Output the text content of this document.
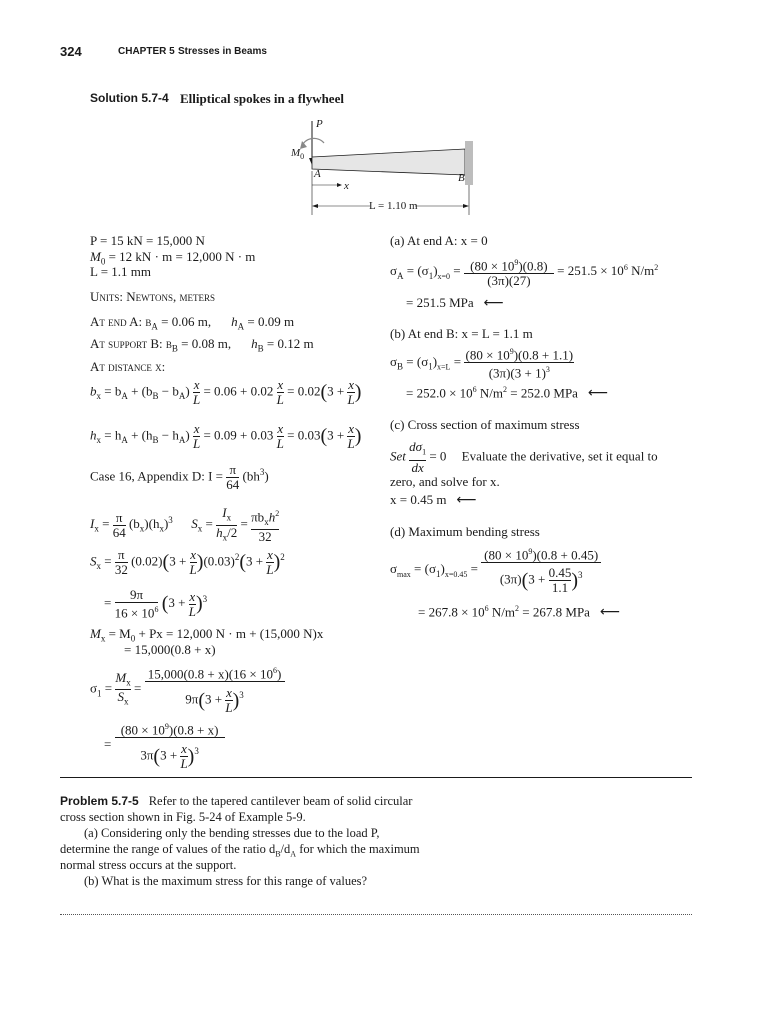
324	CHAPTER 5 Stresses in Beams
Solution 5.7-4 Elliptical spokes in a flywheel
P
$M_0$
A	B
x
L = 1.10 m
P = 15 kN = 15,000 N
$M_0 = 12$ kN · m = 12,000 N · m
L = 1.1 mm
Units: Newtons, meters
At end A: $b_A = 0.06$ m, $h_A = 0.09$ m
At support B: $b_B = 0.08$ m, $h_B = 0.12$ m
At distance x:
$b_x = b_A + (b_B - b_A) \frac{x}{L} = 0.06 + 0.02 \frac{x}{L} = 0.02(3 + \frac{x}{L}$ )
$h_x = h_A + (h_B - h_A) \frac{x}{L} = 0.09 + 0.03 \frac{x}{L} = 0.03(3 + \frac{x}{L}$ )
Case 16, Appendix D: $I = \frac{\pi}{64} (bh^3)$
$I_x = \frac{\pi}{64} (b_x)(h_x)^3$ $S_x = \frac{I_x}{h_x/2} = \frac{\pi b_xh^2}{32}$
$S_x = \frac{\pi}{32} (0.02)(3 + \frac{x}{L} )(0.03)^2(3 + \frac{x}{L} )^2$
= $\frac{9\pi}{16 \times 10^6} (3 + \frac{x}{L} )^3$
$M_x = M_0 + Px = 12,000$ N · m + (15,000 N)x
= 15,000(0.8 + x)
$\sigma_1 = \frac{M_x}{S_x} = \frac{15,000(0.8 + x)(16 \times 10^6)}{9\pi(3 + \frac{x}{L} )^3}$
= $\frac{(80 \times 10^9)(0.8 + x)}{3\pi(3 + \frac{x}{L} )^3}$
(a) At end A: x = 0
$\sigma_A = (\sigma_1)_{x=0} = \frac{(80 \times 10^9)(0.8)}{(3\pi)(27)} = 251.5 \times 10^6$ $N/m^2$
= 251.5 MPa ⟵
(b) At end B: x = L = 1.1 m
$\sigma_B = (\sigma_1)_{x=L} = \frac{(80 \times 10^9)(0.8 + 1.1)}{(3\pi)(3 + 1)^3}$
= $252.0 \times 10^6$ $N/m^2 = 252.0$ MPa ⟵
(c) Cross section of maximum stress
Set $\frac{d\sigma_1}{dx} = 0$ Evaluate the derivative, set it equal to
zero, and solve for x.
x = 0.45 m ⟵
(d) Maximum bending stress
$\sigma_{max} = (\sigma_1)_{x=0.45} = \frac{(80 \times 10^9)(0.8 + 0.45)}{(3\pi)(3 + \frac{0.45}{1.1} )^3}$
= $267.8 \times 10^6$ $N/m^2 = 267.8$ MPa ⟵
Problem 5.7-5 Refer to the tapered cantilever beam of solid circular
cross section shown in Fig. 5-24 of Example 5-9.
(a) Considering only the bending stresses due to the load P,
determine the range of values of the ratio $d_B/d_A$ for which the maximum
normal stress occurs at the support.
(b) What is the maximum stress for this range of values?
